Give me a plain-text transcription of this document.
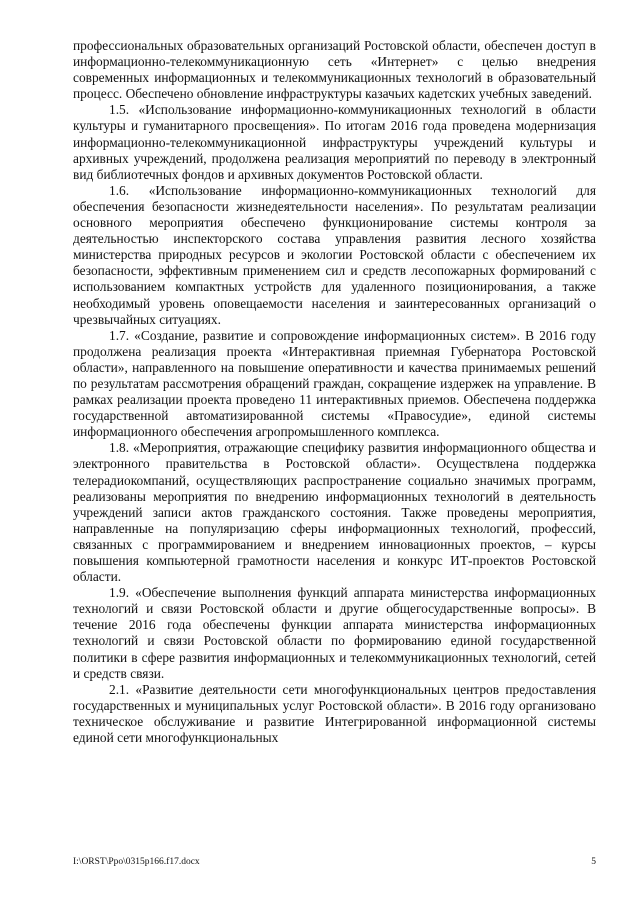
профессиональных образовательных организаций Ростовской области, обеспечен доступ в информационно-телекоммуникационную сеть «Интернет» с целью внедрения современных информационных и телекоммуникационных технологий в образовательный процесс. Обеспечено обновление инфраструктуры казачьих кадетских учебных заведений.

1.5. «Использование информационно-коммуникационных технологий в области культуры и гуманитарного просвещения». По итогам 2016 года проведена модернизация информационно-телекоммуникационной инфраструктуры учреждений культуры и архивных учреждений, продолжена реализация мероприятий по переводу в электронный вид библиотечных фондов и архивных документов Ростовской области.

1.6. «Использование информационно-коммуникационных технологий для обеспечения безопасности жизнедеятельности населения». По результатам реализации основного мероприятия обеспечено функционирование системы контроля за деятельностью инспекторского состава управления развития лесного хозяйства министерства природных ресурсов и экологии Ростовской области с обеспечением их безопасности, эффективным применением сил и средств лесопожарных формирований с использованием компактных устройств для удаленного позиционирования, а также необходимый уровень оповещаемости населения и заинтересованных организаций о чрезвычайных ситуациях.

1.7. «Создание, развитие и сопровождение информационных систем». В 2016 году продолжена реализация проекта «Интерактивная приемная Губернатора Ростовской области», направленного на повышение оперативности и качества принимаемых решений по результатам рассмотрения обращений граждан, сокращение издержек на управление. В рамках реализации проекта проведено 11 интерактивных приемов. Обеспечена поддержка государственной автоматизированной системы «Правосудие», единой системы информационного обеспечения агропромышленного комплекса.

1.8. «Мероприятия, отражающие специфику развития информационного общества и электронного правительства в Ростовской области». Осуществлена поддержка телерадиокомпаний, осуществляющих распространение социально значимых программ, реализованы мероприятия по внедрению информационных технологий в деятельность учреждений записи актов гражданского состояния. Также проведены мероприятия, направленные на популяризацию сферы информационных технологий, профессий, связанных с программированием и внедрением инновационных проектов, – курсы повышения компьютерной грамотности населения и конкурс ИТ-проектов Ростовской области.

1.9. «Обеспечение выполнения функций аппарата министерства информационных технологий и связи Ростовской области и другие общегосударственные вопросы». В течение 2016 года обеспечены функции аппарата министерства информационных технологий и связи Ростовской области по формированию единой государственной политики в сфере развития информационных и телекоммуникационных технологий, сетей и средств связи.

2.1. «Развитие деятельности сети многофункциональных центров предоставления государственных и муниципальных услуг Ростовской области». В 2016 году организовано техническое обслуживание и развитие Интегрированной информационной системы единой сети многофункциональных

I:\ORST\Ppo\0315p166.f17.docx	5
